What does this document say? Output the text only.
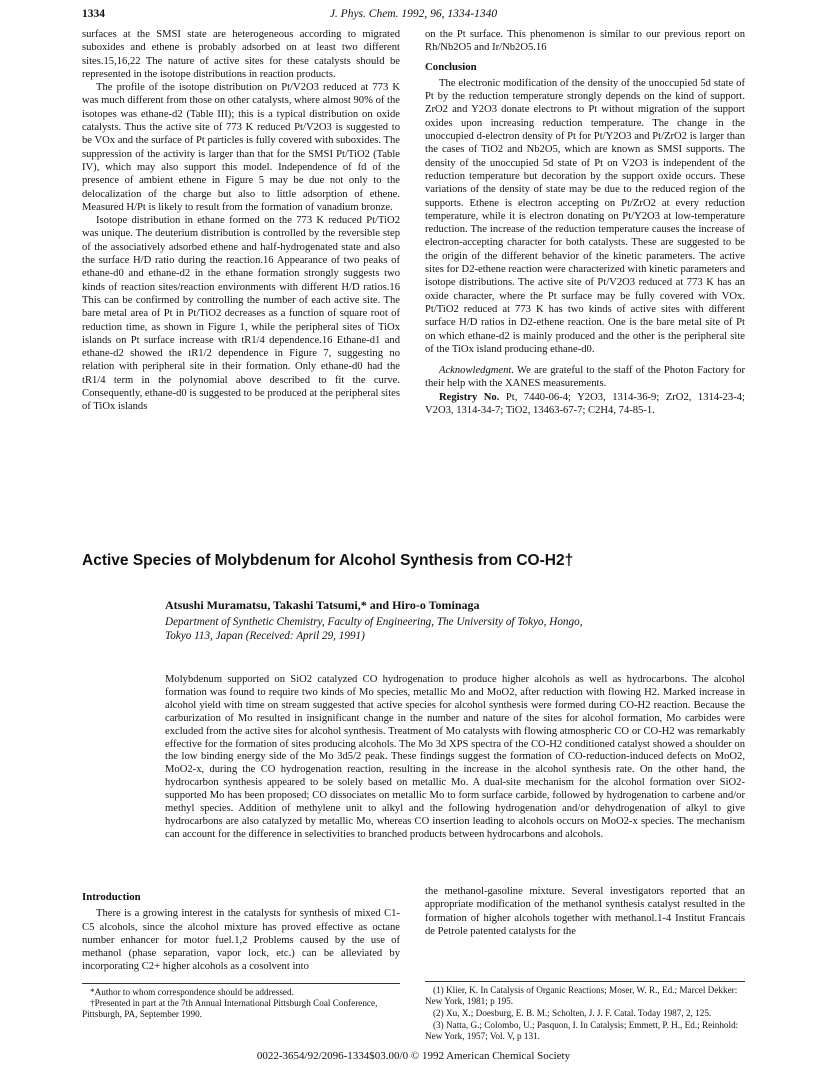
1334	J. Phys. Chem. 1992, 96, 1334-1340

surfaces at the SMSI state are heterogeneous according to migrated suboxides and ethene is probably adsorbed on at least two different sites.15,16,22 The nature of active sites for these catalysts should be represented in the isotope distributions in reaction products.

The profile of the isotope distribution on Pt/V2O3 reduced at 773 K was much different from those on other catalysts, where almost 90% of the isotopes was ethane-d2 (Table III); this is a typical distribution on oxide catalysts. Thus the active site of 773 K reduced Pt/V2O3 is suggested to be VOx and the surface of Pt particles is fully covered with suboxides. The suppression of the activity is larger than that for the SMSI Pt/TiO2 (Table IV), which may also support this model. Independence of fd of the presence of ambient ethene in Figure 5 may be due not only to the delocalization of the charge but also to little adsorption of ethene. Measured H/Pt is likely to result from the formation of vanadium bronze.

Isotope distribution in ethane formed on the 773 K reduced Pt/TiO2 was unique. The deuterium distribution is controlled by the reversible step of the associatively adsorbed ethene and half-hydrogenated state and also the surface H/D ratio during the reaction.16 Appearance of two peaks of ethane-d0 and ethane-d2 in the ethane formation strongly suggests two kinds of reaction sites/reaction environments with different H/D ratios.16 This can be confirmed by controlling the number of each active site. The bare metal area of Pt in Pt/TiO2 decreases as a function of square root of reduction time, as shown in Figure 1, while the peripheral sites of TiOx islands on Pt surface increase with tR1/4 dependence.16 Ethane-d1 and ethane-d2 showed the tR1/2 dependence in Figure 7, suggesting no relation with peripheral site in their formation. Only ethane-d0 had the tR1/4 term in the polynomial above described to fit the curve. Consequently, ethane-d0 is suggested to be produced at the peripheral sites of TiOx islands

on the Pt surface. This phenomenon is similar to our previous report on Rh/Nb2O5 and Ir/Nb2O5.16

Conclusion

The electronic modification of the density of the unoccupied 5d state of Pt by the reduction temperature strongly depends on the kind of support. ZrO2 and Y2O3 donate electrons to Pt without migration of the support oxides upon increasing reduction temperature. The change in the unoccupied d-electron density of Pt for Pt/Y2O3 and Pt/ZrO2 is larger than the cases of TiO2 and Nb2O5, which are known as SMSI supports. The density of the unoccupied 5d state of Pt on V2O3 is independent of the reduction temperature but decoration by the support oxide occurs. These variations of the density of state may be due to the reduced region of the supports. Ethene is electron accepting on Pt/ZrO2 at every reduction temperature, while it is electron donating on Pt/Y2O3 at low-temperature reduction. The increase of the reduction temperature causes the increase of electron-accepting character for both catalysts. These are suggested to be the origin of the different behavior of the kinetic parameters. The active sites for D2-ethene reaction were characterized with kinetic parameters and isotope distributions. The active site of Pt/V2O3 reduced at 773 K has an oxide character, where the Pt surface may be fully covered with VOx. Pt/TiO2 reduced at 773 K has two kinds of active sites with different surface H/D ratios in D2-ethene reaction. One is the bare metal site of Pt on which ethane-d2 is mainly produced and the other is the peripheral site of the TiOx island producing ethane-d0.

Acknowledgment. We are grateful to the staff of the Photon Factory for their help with the XANES measurements.

Registry No. Pt, 7440-06-4; Y2O3, 1314-36-9; ZrO2, 1314-23-4; V2O3, 1314-34-7; TiO2, 13463-67-7; C2H4, 74-85-1.

Active Species of Molybdenum for Alcohol Synthesis from CO-H2†
Atsushi Muramatsu, Takashi Tatsumi,* and Hiro-o Tominaga
Department of Synthetic Chemistry, Faculty of Engineering, The University of Tokyo, Hongo, Tokyo 113, Japan (Received: April 29, 1991)
Molybdenum supported on SiO2 catalyzed CO hydrogenation to produce higher alcohols as well as hydrocarbons. The alcohol formation was found to require two kinds of Mo species, metallic Mo and MoO2, after reduction with flowing H2. Marked increase in alcohol yield with time on stream suggested that active species for alcohol synthesis were formed during CO-H2 reaction. Because the carburization of Mo resulted in insignificant change in the number and nature of the sites for alcohol formation, Mo carbides were excluded from the active sites for alcohol synthesis. Treatment of Mo catalysts with flowing atmospheric CO or CO-H2 was remarkably effective for the formation of sites producing alcohols. The Mo 3d XPS spectra of the CO-H2 conditioned catalyst showed a shoulder on the low binding energy side of the Mo 3d5/2 peak. These findings suggest the formation of CO-reduction-induced defects on MoO2, MoO2-x, during the CO hydrogenation reaction, resulting in the increase in the alcohol synthesis rate. On the other hand, the hydrocarbon synthesis appeared to be solely based on metallic Mo. A dual-site mechanism for the alcohol formation over SiO2-supported Mo has been proposed; CO dissociates on metallic Mo to form surface carbide, followed by hydrogenation to carbene and/or methyl species. Addition of methylene unit to alkyl and the following hydrogenation and/or dehydrogenation of alkyl to give hydrocarbons are also catalyzed by metallic Mo, whereas CO insertion leading to alcohols occurs on MoO2-x species. The mechanism can account for the difference in selectivities to branched products between hydrocarbons and alcohols.
Introduction

There is a growing interest in the catalysts for synthesis of mixed C1-C5 alcohols, since the alcohol mixture has proved effective as octane number enhancer for motor fuel.1,2 Problems caused by the use of methanol (phase separation, vapor lock, etc.) can be alleviated by incorporating C2+ higher alcohols as a cosolvent into

the methanol-gasoline mixture. Several investigators reported that an appropriate modification of the methanol synthesis catalyst resulted in the formation of higher alcohols together with methanol.1-4 Institut Francais de Petrole patented catalysts for the

*Author to whom correspondence should be addressed.
†Presented in part at the 7th Annual International Pittsburgh Coal Conference, Pittsburgh, PA, September 1990.
(1) Klier, K. In Catalysis of Organic Reactions; Moser, W. R., Ed.; Marcel Dekker: New York, 1981; p 195.
(2) Xu, X.; Doesburg, E. B. M.; Scholten, J. J. F. Catal. Today 1987, 2, 125.
(3) Natta, G.; Colombo, U.; Pasquon, I. In Catalysis; Emmett, P. H., Ed.; Reinhold: New York, 1957; Vol. V, p 131.
0022-3654/92/2096-1334$03.00/0 © 1992 American Chemical Society
